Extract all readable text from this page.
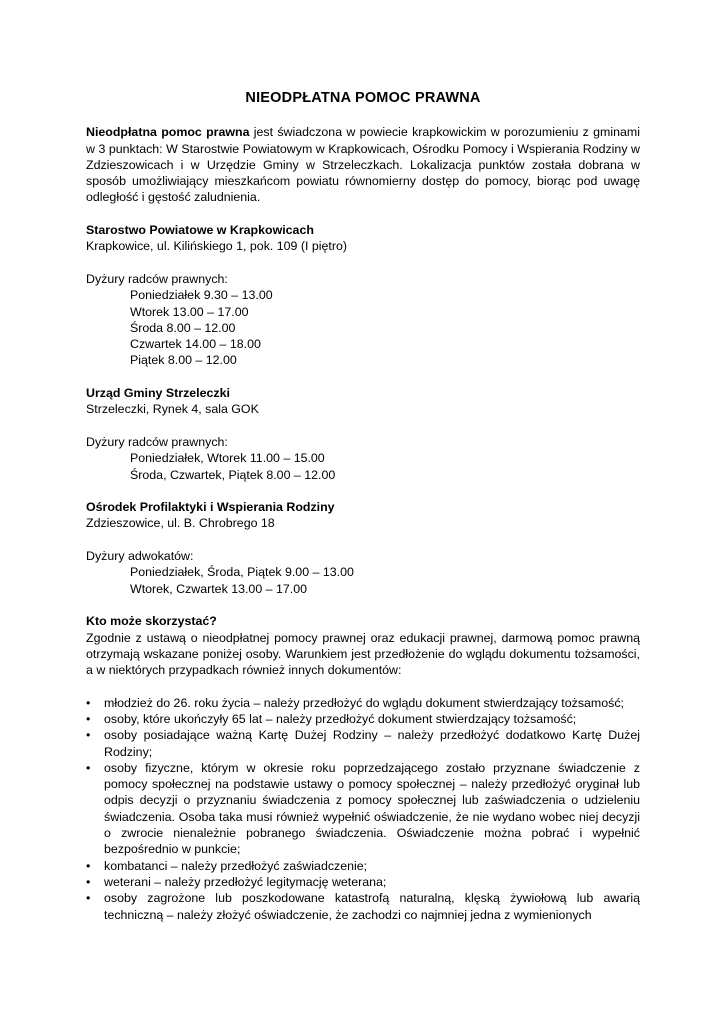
NIEODPŁATNA POMOC PRAWNA

Nieodpłatna pomoc prawna jest świadczona w powiecie krapkowickim w porozumieniu z gminami w 3 punktach: W Starostwie Powiatowym w Krapkowicach, Ośrodku Pomocy i Wspierania Rodziny w Zdzieszowicach i w Urzędzie Gminy w Strzeleczkach. Lokalizacja punktów została dobrana w sposób umożliwiający mieszkańcom powiatu równomierny dostęp do pomocy, biorąc pod uwagę odległość i gęstość zaludnienia.

Starostwo Powiatowe w Krapkowicach

Krapkowice, ul. Kilińskiego 1, pok. 109 (I piętro)

Dyżury radców prawnych:

Poniedziałek 9.30 – 13.00

Wtorek 13.00 – 17.00

Środa 8.00 – 12.00

Czwartek 14.00 – 18.00

Piątek 8.00 – 12.00

Urząd Gminy Strzeleczki

Strzeleczki, Rynek 4, sala GOK

Dyżury radców prawnych:

Poniedziałek, Wtorek 11.00 – 15.00

Środa, Czwartek, Piątek 8.00 – 12.00

Ośrodek Profilaktyki i Wspierania Rodziny

Zdzieszowice, ul. B. Chrobrego 18

Dyżury adwokatów:

Poniedziałek, Środa, Piątek 9.00 – 13.00

Wtorek, Czwartek 13.00 – 17.00

Kto może skorzystać?

Zgodnie z ustawą o nieodpłatnej pomocy prawnej oraz edukacji prawnej, darmową pomoc prawną otrzymają wskazane poniżej osoby. Warunkiem jest przedłożenie do wglądu dokumentu tożsamości, a w niektórych przypadkach również innych dokumentów:

• młodzież do 26. roku życia – należy przedłożyć do wglądu dokument stwierdzający tożsamość;
• osoby, które ukończyły 65 lat – należy przedłożyć dokument stwierdzający tożsamość;
• osoby posiadające ważną Kartę Dużej Rodziny – należy przedłożyć dodatkowo Kartę Dużej Rodziny;
• osoby fizyczne, którym w okresie roku poprzedzającego zostało przyznane świadczenie z pomocy społecznej na podstawie ustawy o pomocy społecznej – należy przedłożyć oryginał lub odpis decyzji o przyznaniu świadczenia z pomocy społecznej lub zaświadczenia o udzieleniu świadczenia. Osoba taka musi również wypełnić oświadczenie, że nie wydano wobec niej decyzji o zwrocie nienależnie pobranego świadczenia. Oświadczenie można pobrać i wypełnić bezpośrednio w punkcie;
• kombatanci – należy przedłożyć zaświadczenie;
• weterani – należy przedłożyć legitymację weterana;
• osoby zagrożone lub poszkodowane katastrofą naturalną, klęską żywiołową lub awarią techniczną – należy złożyć oświadczenie, że zachodzi co najmniej jedna z wymienionych
